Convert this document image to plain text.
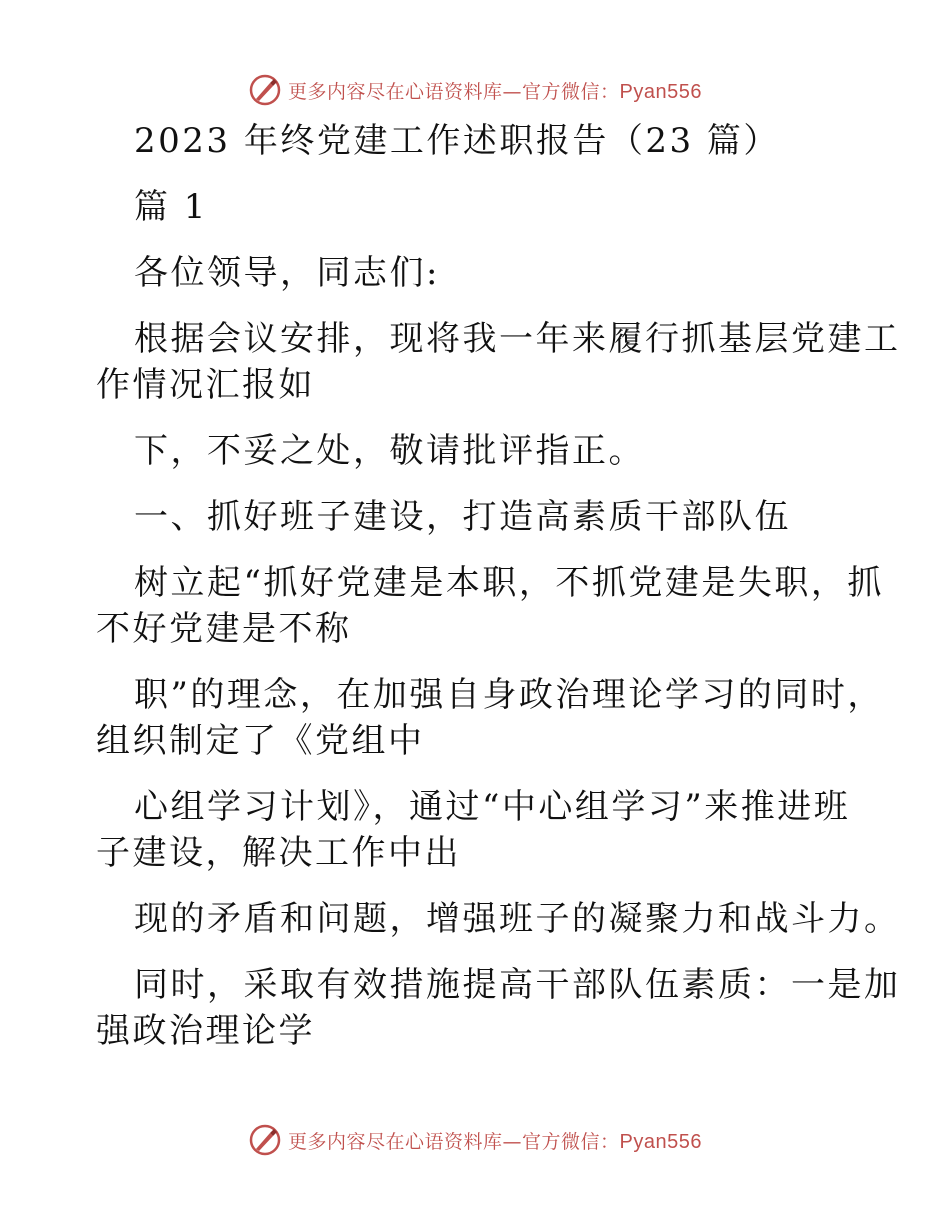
更多内容尽在心语资料库—官方微信：Pyan556
2023 年终党建工作述职报告（23 篇）
篇 1
各位领导，同志们:
根据会议安排，现将我一年来履行抓基层党建工
作情况汇报如
下，不妥之处，敬请批评指正。
一、抓好班子建设，打造高素质干部队伍
树立起“抓好党建是本职，不抓党建是失职，抓
不好党建是不称
职”的理念，在加强自身政治理论学习的同时，
组织制定了《党组中
心组学习计划》，通过“中心组学习”来推进班
子建设，解决工作中出
现的矛盾和问题，增强班子的凝聚力和战斗力。
同时，采取有效措施提高干部队伍素质：一是加
强政治理论学
更多内容尽在心语资料库—官方微信：Pyan556
